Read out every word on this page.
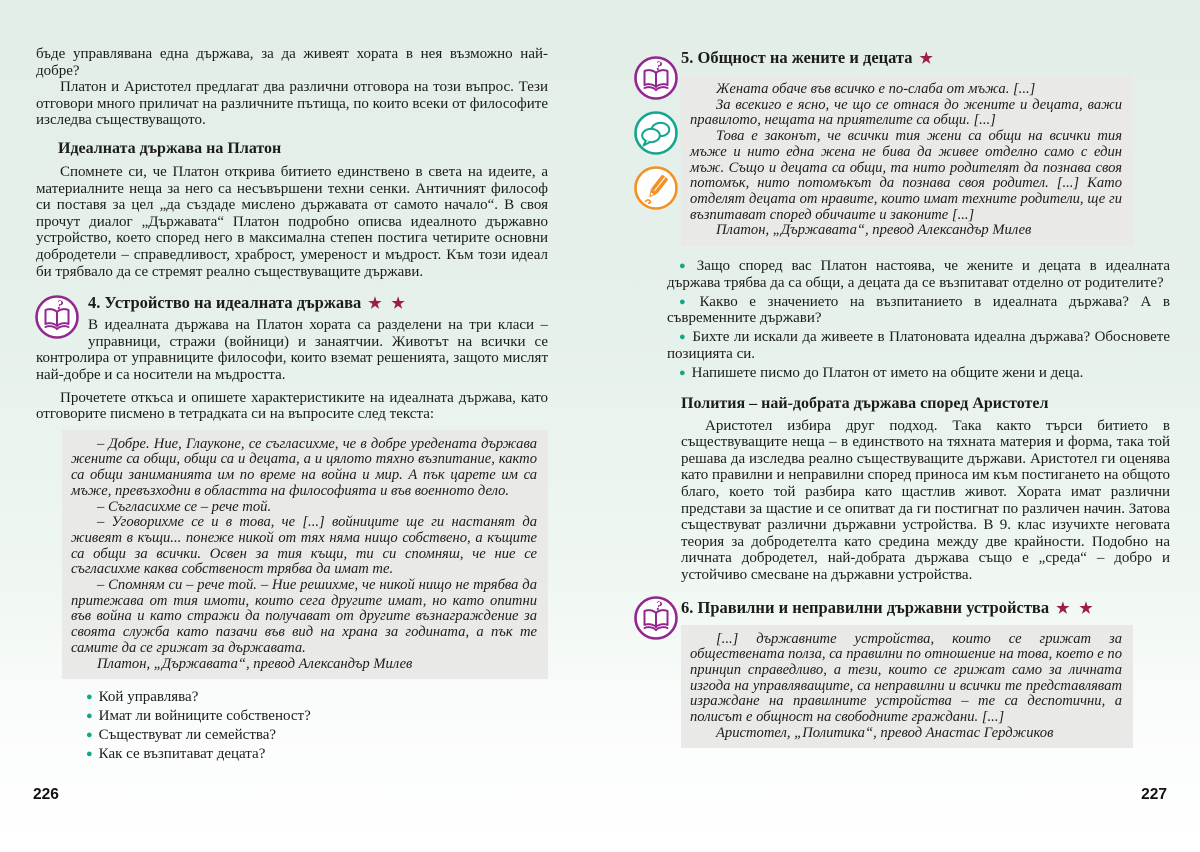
бъде управлявана една държава, за да живеят хората в нея възможно най-добре?

Платон и Аристотел предлагат два различни отговора на този въпрос. Тези отговори много приличат на различните пътища, по които всеки от философите изследва съществуващото.

Идеалната държава на Платон

Спомнете си, че Платон открива битието единствено в света на идеите, а материалните неща за него са несъвършени техни сенки. Античният философ си поставя за цел „да създаде мислено държавата от самото начало“. В своя прочут диалог „Държавата“ Платон подробно описва идеалното държавно устройство, което според него в максимална степен постига четирите основни добродетели – справедливост, храброст, умереност и мъдрост. Към този идеал би трябвало да се стремят реално съществуващите държави.

4. Устройство на идеалната държава ★ ★

В идеалната държава на Платон хората са разделени на три класи – управници, стражи (войници) и занаятчии. Животът на всички се контролира от управниците философи, които вземат решенията, защото мислят най-добре и са носители на мъдростта.

Прочетете откъса и опишете характеристиките на идеалната държава, като отговорите писмено в тетрадката си на въпросите след текста:

– Добре. Ние, Глауконе, се съгласихме, че в добре уредената държава жените са общи, общи са и децата, а и цялото тяхно възпитание, както са общи заниманията им по време на война и мир. А пък царете им са мъже, превъзходни в областта на философията и във военното дело.

– Съгласихме се – рече той.

– Уговорихме се и в това, че [...] войниците ще ги настанят да живеят в къщи... понеже никой от тях няма нищо собствено, а къщите са общи за всички. Освен за тия къщи, ти си спомняш, че ние се съгласихме каква собственост трябва да имат те.

– Спомням си – рече той. – Ние решихме, че никой нищо не трябва да притежава от тия имоти, които сега другите имат, но като опитни във война и като стражи да получават от другите възнаграждение за своята служба като пазачи във вид на храна за годината, а пък те самите да се грижат за държавата.

Платон, „Държавата“, превод Александър Милев

● Кой управлява?
● Имат ли войниците собственост?
● Съществуват ли семейства?
● Как се възпитават децата?
5. Общност на жените и децата ★

Жената обаче във всичко е по-слаба от мъжа. [...]

За всекиго е ясно, че що се отнася до жените и децата, важи правилото, нещата на приятелите са общи. [...]

Това е законът, че всички тия жени са общи на всички тия мъже и нито една жена не бива да живее отделно само с един мъж. Също и децата са общи, та нито родителят да познава своя потомък, нито потомъкът да познава своя родител. [...] Като отделят децата от нравите, които имат техните родители, ще ги възпитават според обичаите и законите [...]

Платон, „Държавата“, превод Александър Милев

● Защо според вас Платон настоява, че жените и децата в идеалната държава трябва да са общи, а децата да се възпитават отделно от родителите?
● Какво е значението на възпитанието в идеалната държава? А в съвременните държави?
● Бихте ли искали да живеете в Платоновата идеална държава? Обосновете позицията си.
● Напишете писмо до Платон от името на общите жени и деца.
Полития – най-добрата държава според Аристотел

Аристотел избира друг подход. Така както търси битието в съществуващите неща – в единството на тяхната материя и форма, така той решава да изследва реално съществуващите държави. Аристотел ги оценява като правилни и неправилни според приноса им към постигането на общото благо, което той разбира като щастлив живот. Хората имат различни представи за щастие и се опитват да ги постигнат по различен начин. Затова съществуват различни държавни устройства. В 9. клас изучихте неговата теория за добродетелта като средина между две крайности. Подобно на личната добродетел, най-добрата държава също е „среда“ – добро и устойчиво смесване на държавни устройства.

6. Правилни и неправилни държавни устройства ★ ★

[...] държавните устройства, които се грижат за обществената полза, са правилни по отношение на това, което е по принцип справедливо, а тези, които се грижат само за личната изгода на управляващите, са неправилни и всички те представляват израждане на правилните устройства – те са деспотични, а полисът е общност на свободните граждани. [...]

Аристотел, „Политика“, превод Анастас Герджиков

226	227
